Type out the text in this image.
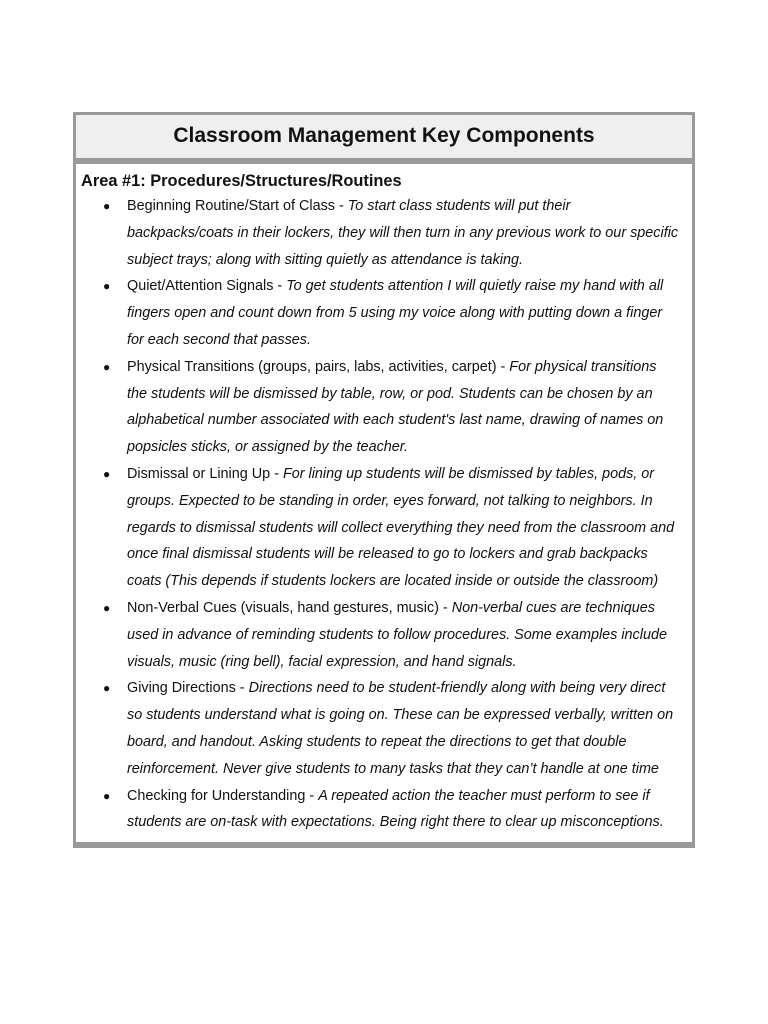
Classroom Management Key Components
Area #1: Procedures/Structures/Routines
● Beginning Routine/Start of Class - To start class students will put their backpacks/coats in their lockers, they will then turn in any previous work to our specific subject trays; along with sitting quietly as attendance is taking.
● Quiet/Attention Signals - To get students attention I will quietly raise my hand with all fingers open and count down from 5 using my voice along with putting down a finger for each second that passes.
● Physical Transitions (groups, pairs, labs, activities, carpet) - For physical transitions the students will be dismissed by table, row, or pod. Students can be chosen by an alphabetical number associated with each student's last name, drawing of names on popsicles sticks, or assigned by the teacher.
● Dismissal or Lining Up - For lining up students will be dismissed by tables, pods, or groups. Expected to be standing in order, eyes forward, not talking to neighbors. In regards to dismissal students will collect everything they need from the classroom and once final dismissal students will be released to go to lockers and grab backpacks coats (This depends if students lockers are located inside or outside the classroom)
● Non-Verbal Cues (visuals, hand gestures, music) - Non-verbal cues are techniques used in advance of reminding students to follow procedures. Some examples include visuals, music (ring bell), facial expression, and hand signals.
● Giving Directions - Directions need to be student-friendly along with being very direct so students understand what is going on. These can be expressed verbally, written on board, and handout. Asking students to repeat the directions to get that double reinforcement. Never give students to many tasks that they can’t handle at one time
● Checking for Understanding - A repeated action the teacher must perform to see if students are on-task with expectations. Being right there to clear up misconceptions.
